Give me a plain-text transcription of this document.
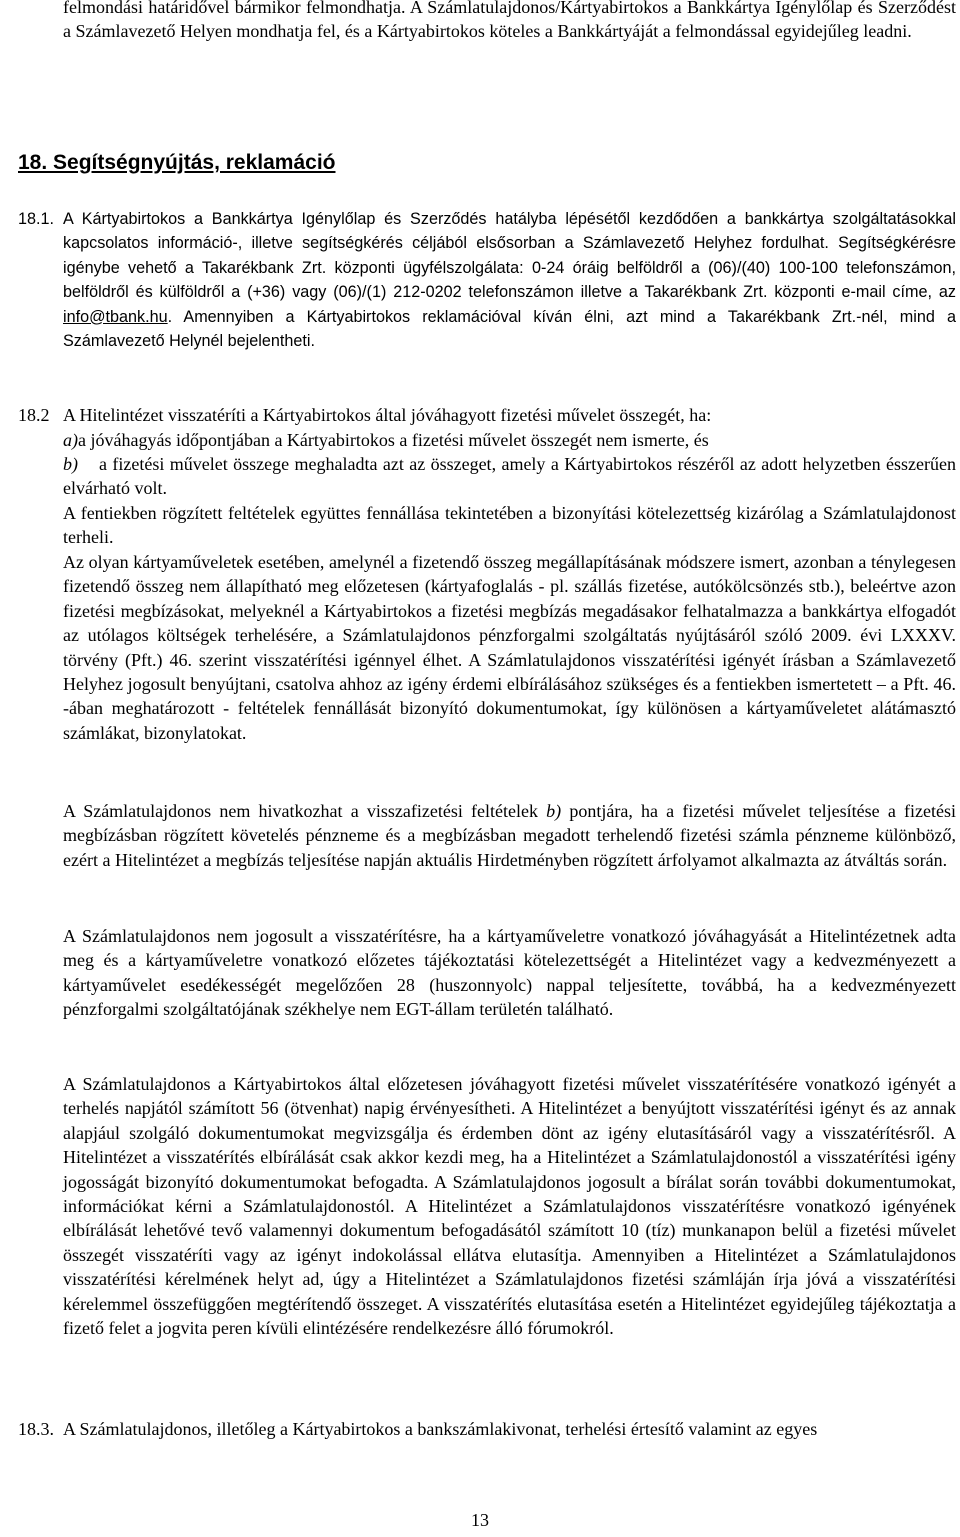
felmondási határidővel bármikor felmondhatja. A Számlatulajdonos/Kártyabirtokos a Bankkártya Igénylőlap és Szerződést a Számlavezető Helyen mondhatja fel, és a Kártyabirtokos köteles a Bankkártyáját a felmondással egyidejűleg leadni.

18. Segítségnyújtás, reklamáció

18.1. A Kártyabirtokos a Bankkártya Igénylőlap és Szerződés hatályba lépésétől kezdődően a bankkártya szolgáltatásokkal kapcsolatos információ-, illetve segítségkérés céljából elsősorban a Számlavezető Helyhez fordulhat. Segítségkérésre igénybe vehető a Takarékbank Zrt. központi ügyfélszolgálata: 0-24 óráig belföldről a (06)/(40) 100-100 telefonszámon, belföldről és külföldről a (+36) vagy (06)/(1) 212-0202 telefonszámon illetve a Takarékbank Zrt. központi e-mail címe, az info@tbank.hu. Amennyiben a Kártyabirtokos reklamációval kíván élni, azt mind a Takarékbank Zrt.-nél, mind a Számlavezető Helynél bejelentheti.

18.2 A Hitelintézet visszatéríti a Kártyabirtokos által jóváhagyott fizetési művelet összegét, ha:

a)a jóváhagyás időpontjában a Kártyabirtokos a fizetési művelet összegét nem ismerte, és

b) a fizetési művelet összege meghaladta azt az összeget, amely a Kártyabirtokos részéről az adott helyzetben ésszerűen elvárható volt.

A fentiekben rögzített feltételek együttes fennállása tekintetében a bizonyítási kötelezettség kizárólag a Számlatulajdonost terheli.

Az olyan kártyaműveletek esetében, amelynél a fizetendő összeg megállapításának módszere ismert, azonban a ténylegesen fizetendő összeg nem állapítható meg előzetesen (kártyafoglalás - pl. szállás fizetése, autókölcsönzés stb.), beleértve azon fizetési megbízásokat, melyeknél a Kártyabirtokos a fizetési megbízás megadásakor felhatalmazza a bankkártya elfogadót az utólagos költségek terhelésére, a Számlatulajdonos pénzforgalmi szolgáltatás nyújtásáról szóló 2009. évi LXXXV. törvény (Pft.) 46. szerint visszatérítési igénnyel élhet. A Számlatulajdonos visszatérítési igényét írásban a Számlavezető Helyhez jogosult benyújtani, csatolva ahhoz az igény érdemi elbírálásához szükséges és a fentiekben ismertetett – a Pft. 46. -ában meghatározott - feltételek fennállását bizonyító dokumentumokat, így különösen a kártyaműveletet alátámasztó számlákat, bizonylatokat.

A Számlatulajdonos nem hivatkozhat a visszafizetési feltételek b) pontjára, ha a fizetési művelet teljesítése a fizetési megbízásban rögzített követelés pénzneme és a megbízásban megadott terhelendő fizetési számla pénzneme különböző, ezért a Hitelintézet a megbízás teljesítése napján aktuális Hirdetményben rögzített árfolyamot alkalmazta az átváltás során.

A Számlatulajdonos nem jogosult a visszatérítésre, ha a kártyaműveletre vonatkozó jóváhagyását a Hitelintézetnek adta meg és a kártyaműveletre vonatkozó előzetes tájékoztatási kötelezettségét a Hitelintézet vagy a kedvezményezett a kártyaművelet esedékességét megelőzően 28 (huszonnyolc) nappal teljesítette, továbbá, ha a kedvezményezett pénzforgalmi szolgáltatójának székhelye nem EGT-állam területén található.

A Számlatulajdonos a Kártyabirtokos által előzetesen jóváhagyott fizetési művelet visszatérítésére vonatkozó igényét a terhelés napjától számított 56 (ötvenhat) napig érvényesítheti. A Hitelintézet a benyújtott visszatérítési igényt és az annak alapjául szolgáló dokumentumokat megvizsgálja és érdemben dönt az igény elutasításáról vagy a visszatérítésről. A Hitelintézet a visszatérítés elbírálását csak akkor kezdi meg, ha a Hitelintézet a Számlatulajdonostól a visszatérítési igény jogosságát bizonyító dokumentumokat befogadta. A Számlatulajdonos jogosult a bírálat során további dokumentumokat, információkat kérni a Számlatulajdonostól. A Hitelintézet a Számlatulajdonos visszatérítésre vonatkozó igényének elbírálását lehetővé tevő valamennyi dokumentum befogadásától számított 10 (tíz) munkanapon belül a fizetési művelet összegét visszatéríti vagy az igényt indokolással ellátva elutasítja. Amennyiben a Hitelintézet a Számlatulajdonos visszatérítési kérelmének helyt ad, úgy a Hitelintézet a Számlatulajdonos fizetési számláján írja jóvá a visszatérítési kérelemmel összefüggően megtérítendő összeget. A visszatérítés elutasítása esetén a Hitelintézet egyidejűleg tájékoztatja a fizető felet a jogvita peren kívüli elintézésére rendelkezésre álló fórumokról.

18.3. A Számlatulajdonos, illetőleg a Kártyabirtokos a bankszámlakivonat, terhelési értesítő valamint az egyes

13
